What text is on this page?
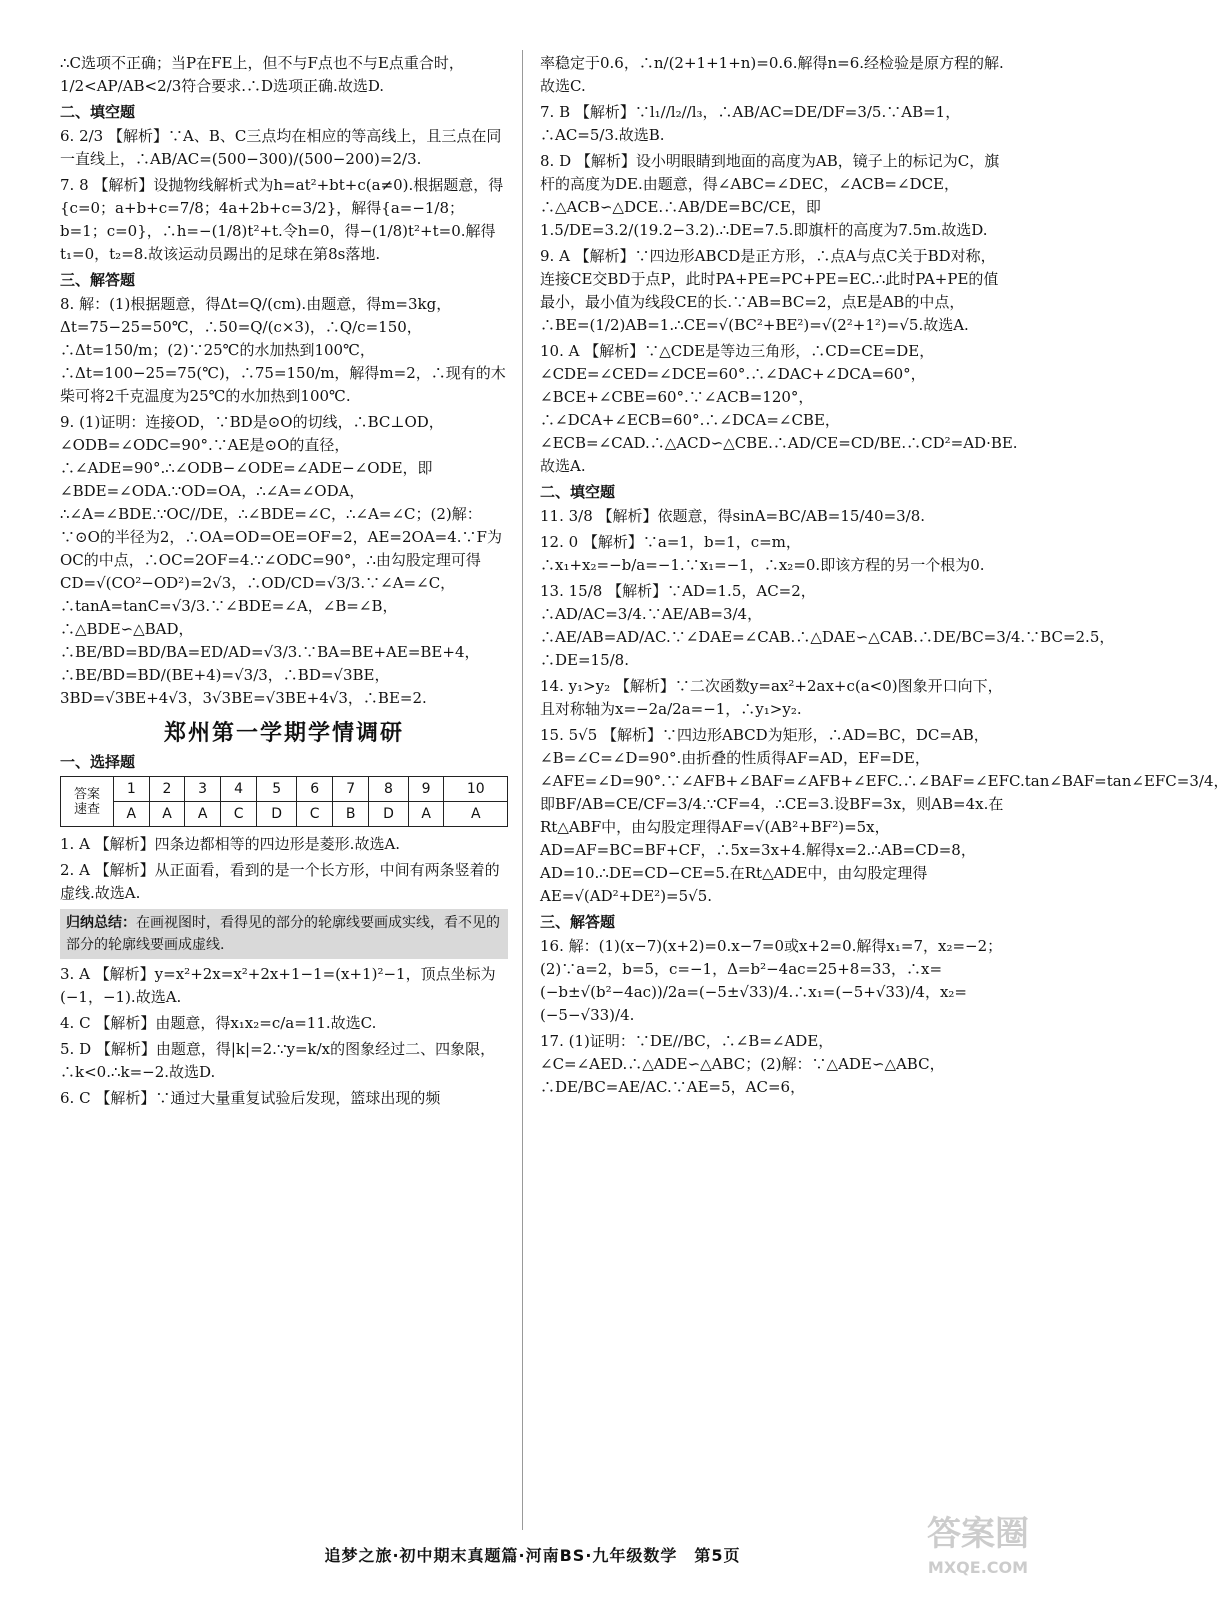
∴C选项不正确；当P在FE上，但不与F点也不与E点重合时，1/2<AP/AB<2/3符合要求.∴D选项正确.故选D.

二、填空题

6. 2/3 【解析】∵A、B、C三点均在相应的等高线上，且三点在同一直线上，∴AB/AC=(500−300)/(500−200)=2/3.

7. 8 【解析】设抛物线解析式为h=at²+bt+c(a≠0).根据题意，得{c=0；a+b+c=7/8；4a+2b+c=3/2}，解得{a=−1/8；b=1；c=0}，∴h=−(1/8)t²+t.令h=0，得−(1/8)t²+t=0.解得t₁=0，t₂=8.故该运动员踢出的足球在第8s落地.

三、解答题

8. 解：(1)根据题意，得Δt=Q/(cm).由题意，得m=3kg，Δt=75−25=50℃，∴50=Q/(c×3)，∴Q/c=150，∴Δt=150/m；(2)∵25℃的水加热到100℃，∴Δt=100−25=75(℃)，∴75=150/m，解得m=2，∴现有的木柴可将2千克温度为25℃的水加热到100℃.

9. (1)证明：连接OD，∵BD是⊙O的切线，∴BC⊥OD，∠ODB=∠ODC=90°.∵AE是⊙O的直径，∴∠ADE=90°.∴∠ODB−∠ODE=∠ADE−∠ODE，即∠BDE=∠ODA.∵OD=OA，∴∠A=∠ODA，∴∠A=∠BDE.∵OC//DE，∴∠BDE=∠C，∴∠A=∠C；(2)解：∵⊙O的半径为2，∴OA=OD=OE=OF=2，AE=2OA=4.∵F为OC的中点，∴OC=2OF=4.∵∠ODC=90°，∴由勾股定理可得CD=√(CO²−OD²)=2√3，∴OD/CD=√3/3.∵∠A=∠C，∴tanA=tanC=√3/3.∵∠BDE=∠A，∠B=∠B，∴△BDE∽△BAD，∴BE/BD=BD/BA=ED/AD=√3/3.∵BA=BE+AE=BE+4，∴BE/BD=BD/(BE+4)=√3/3，∴BD=√3BE，3BD=√3BE+4√3，3√3BE=√3BE+4√3，∴BE=2.

郑州第一学期学情调研
一、选择题
答案
速查	1	2	3	4	5	6	7	8	9	10
	A	A	A	C	D	C	B	D	A	A

1. A 【解析】四条边都相等的四边形是菱形.故选A.

2. A 【解析】从正面看，看到的是一个长方形，中间有两条竖着的虚线.故选A.

归纳总结：在画视图时，看得见的部分的轮廓线要画成实线，看不见的部分的轮廓线要画成虚线.

3. A 【解析】y=x²+2x=x²+2x+1−1=(x+1)²−1，顶点坐标为(−1，−1).故选A.

4. C 【解析】由题意，得x₁x₂=c/a=11.故选C.

5. D 【解析】由题意，得|k|=2.∵y=k/x的图象经过二、四象限，∴k<0.∴k=−2.故选D.

6. C 【解析】∵通过大量重复试验后发现，篮球出现的频

率稳定于0.6，∴n/(2+1+1+n)=0.6.解得n=6.经检验是原方程的解.故选C.

7. B 【解析】∵l₁//l₂//l₃，∴AB/AC=DE/DF=3/5.∵AB=1，∴AC=5/3.故选B.

8. D 【解析】设小明眼睛到地面的高度为AB，镜子上的标记为C，旗杆的高度为DE.由题意，得∠ABC=∠DEC，∠ACB=∠DCE，∴△ACB∽△DCE.∴AB/DE=BC/CE，即1.5/DE=3.2/(19.2−3.2).∴DE=7.5.即旗杆的高度为7.5m.故选D.

9. A 【解析】∵四边形ABCD是正方形，∴点A与点C关于BD对称，连接CE交BD于点P，此时PA+PE=PC+PE=EC.∴此时PA+PE的值最小，最小值为线段CE的长.∵AB=BC=2，点E是AB的中点，∴BE=(1/2)AB=1.∴CE=√(BC²+BE²)=√(2²+1²)=√5.故选A.

10. A 【解析】∵△CDE是等边三角形，∴CD=CE=DE，∠CDE=∠CED=∠DCE=60°.∴∠DAC+∠DCA=60°，∠BCE+∠CBE=60°.∵∠ACB=120°，∴∠DCA+∠ECB=60°.∴∠DCA=∠CBE，∠ECB=∠CAD.∴△ACD∽△CBE.∴AD/CE=CD/BE.∴CD²=AD·BE.故选A.

二、填空题

11. 3/8 【解析】依题意，得sinA=BC/AB=15/40=3/8.

12. 0 【解析】∵a=1，b=1，c=m，∴x₁+x₂=−b/a=−1.∵x₁=−1，∴x₂=0.即该方程的另一个根为0.

13. 15/8 【解析】∵AD=1.5，AC=2，∴AD/AC=3/4.∵AE/AB=3/4，∴AE/AB=AD/AC.∵∠DAE=∠CAB.∴△DAE∽△CAB.∴DE/BC=3/4.∵BC=2.5，∴DE=15/8.

14. y₁>y₂ 【解析】∵二次函数y=ax²+2ax+c(a<0)图象开口向下，且对称轴为x=−2a/2a=−1，∴y₁>y₂.

15. 5√5 【解析】∵四边形ABCD为矩形，∴AD=BC，DC=AB，∠B=∠C=∠D=90°.由折叠的性质得AF=AD，EF=DE，∠AFE=∠D=90°.∵∠AFB+∠BAF=∠AFB+∠EFC.∴∠BAF=∠EFC.tan∠BAF=tan∠EFC=3/4，即BF/AB=CE/CF=3/4.∵CF=4，∴CE=3.设BF=3x，则AB=4x.在Rt△ABF中，由勾股定理得AF=√(AB²+BF²)=5x，AD=AF=BC=BF+CF，∴5x=3x+4.解得x=2.∴AB=CD=8，AD=10.∴DE=CD−CE=5.在Rt△ADE中，由勾股定理得AE=√(AD²+DE²)=5√5.

三、解答题

16. 解：(1)(x−7)(x+2)=0.x−7=0或x+2=0.解得x₁=7，x₂=−2；(2)∵a=2，b=5，c=−1，Δ=b²−4ac=25+8=33，∴x=(−b±√(b²−4ac))/2a=(−5±√33)/4.∴x₁=(−5+√33)/4，x₂=(−5−√33)/4.

17. (1)证明：∵DE//BC，∴∠B=∠ADE，∠C=∠AED.∴△ADE∽△ABC；(2)解：∵△ADE∽△ABC，∴DE/BC=AE/AC.∵AE=5，AC=6，

追梦之旅·初中期末真题篇·河南BS·九年级数学　第5页
答案圈
MXQE.COM
